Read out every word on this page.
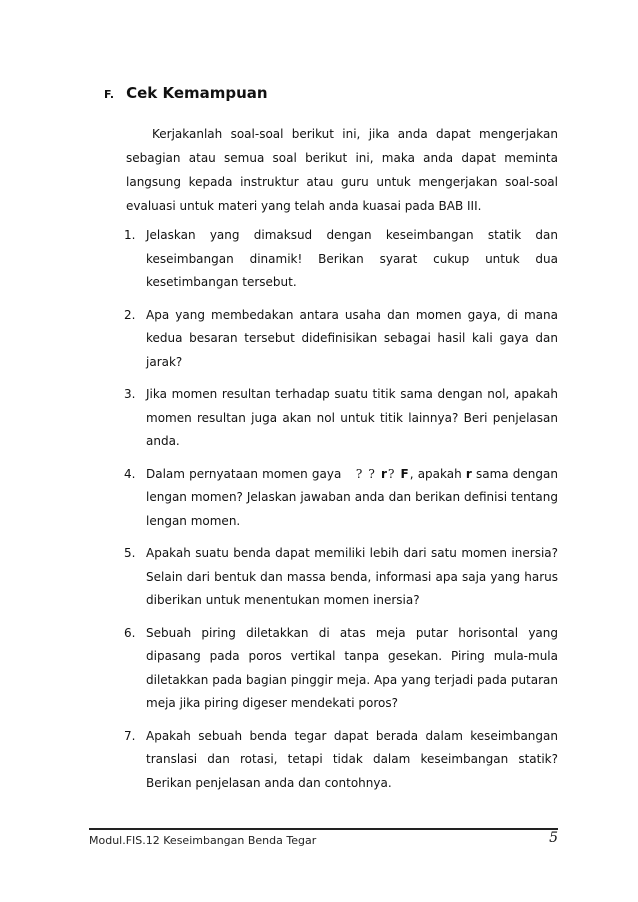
F. Cek Kemampuan

Kerjakanlah soal-soal berikut ini, jika anda dapat mengerjakan sebagian atau semua soal berikut ini, maka anda dapat meminta langsung kepada instruktur atau guru untuk mengerjakan soal-soal evaluasi untuk materi yang telah anda kuasai pada BAB III.

1. Jelaskan yang dimaksud dengan keseimbangan statik dan keseimbangan dinamik! Berikan syarat cukup untuk dua kesetimbangan tersebut.
2. Apa yang membedakan antara usaha dan momen gaya, di mana kedua besaran tersebut didefinisikan sebagai hasil kali gaya dan jarak?
3. Jika momen resultan terhadap suatu titik sama dengan nol, apakah momen resultan juga akan nol untuk titik lainnya? Beri penjelasan anda.
4. Dalam pernyataan momen gaya ? ? r? F, apakah r sama dengan lengan momen? Jelaskan jawaban anda dan berikan definisi tentang lengan momen.
5. Apakah suatu benda dapat memiliki lebih dari satu momen inersia? Selain dari bentuk dan massa benda, informasi apa saja yang harus diberikan untuk menentukan momen inersia?
6. Sebuah piring diletakkan di atas meja putar horisontal yang dipasang pada poros vertikal tanpa gesekan. Piring mula-mula diletakkan pada bagian pinggir meja. Apa yang terjadi pada putaran meja jika piring digeser mendekati poros?
7. Apakah sebuah benda tegar dapat berada dalam keseimbangan translasi dan rotasi, tetapi tidak dalam keseimbangan statik? Berikan penjelasan anda dan contohnya.
Modul.FIS.12 Keseimbangan Benda Tegar	5
